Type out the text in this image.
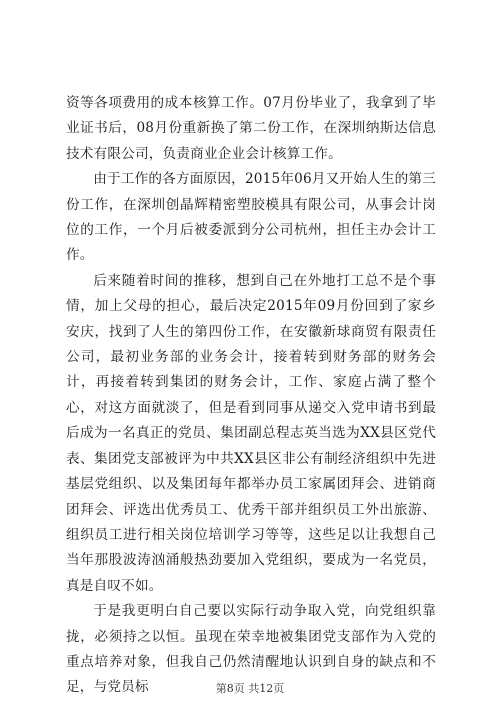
资等各项费用的成本核算工作。07月份毕业了，我拿到了毕业证书后，08月份重新换了第二份工作，在深圳纳斯达信息技术有限公司，负责商业企业会计核算工作。

由于工作的各方面原因，2015年06月又开始人生的第三份工作，在深圳创晶辉精密塑胶模具有限公司，从事会计岗位的工作，一个月后被委派到分公司杭州，担任主办会计工作。

后来随着时间的推移，想到自己在外地打工总不是个事情，加上父母的担心，最后决定2015年09月份回到了家乡安庆，找到了人生的第四份工作，在安徽新球商贸有限责任公司，最初业务部的业务会计，接着转到财务部的财务会计，再接着转到集团的财务会计，工作、家庭占满了整个心，对这方面就淡了，但是看到同事从递交入党申请书到最后成为一名真正的党员、集团副总程志英当选为XX县区党代表、集团党支部被评为中共XX县区非公有制经济组织中先进基层党组织、以及集团每年都举办员工家属团拜会、进销商团拜会、评选出优秀员工、优秀干部并组织员工外出旅游、组织员工进行相关岗位培训学习等等，这些足以让我想自己当年那股波涛汹涌般热劲要加入党组织，要成为一名党员，真是自叹不如。

于是我更明白自己要以实际行动争取入党，向党组织靠拢，必须持之以恒。虽现在荣幸地被集团党支部作为入党的重点培养对象，但我自己仍然清醒地认识到自身的缺点和不足，与党员标	第8页 共12页
